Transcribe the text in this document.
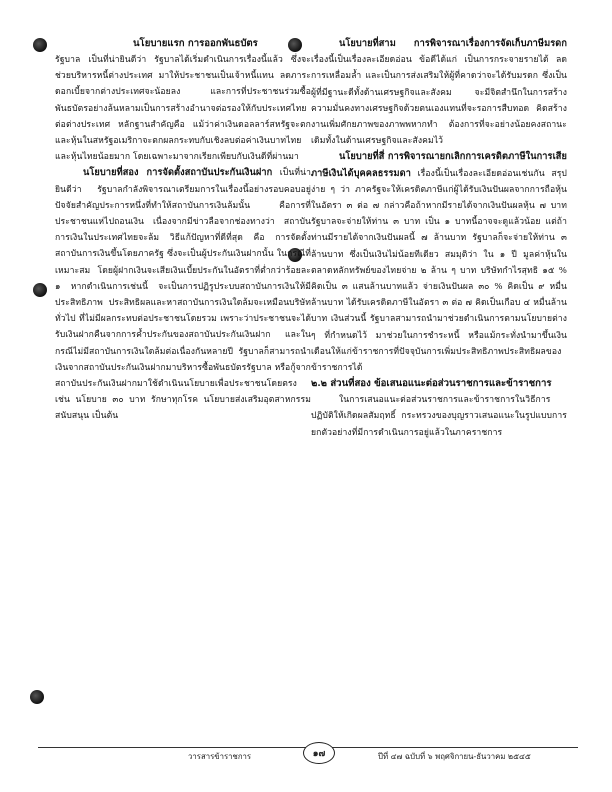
นโยบายแรก การออกพันธบัตร

รัฐบาล เป็นที่น่ายินดีว่า รัฐบาลได้เริ่มดำเนินการเรื่องนี้แล้ว ซึ่งจะช่วยบริหารหนี้ต่างประเทศ มาให้ประชาชนเป็นเจ้าหนี้แทน ลดภาระดอกเบี้ยจากต่างประเทศจะน้อยลง และการที่ประชาชนร่วมซื้อพันธบัตรอย่างล้นหลามเป็นการสร้างอำนาจต่อรองให้กับประเทศไทยต่อต่างประเทศ หลักฐานสำคัญคือ แม้ว่าค่าเงินดอลลาร์สหรัฐจะตก และหุ้นในสหรัฐอเมริกาจะตกผลกระทบกับเชิงลบต่อค่าเงินบาทไทยและหุ้นไทยน้อยมาก โดยเฉพาะมาจากเรียกเพียบกับเงินดีที่ผ่านมา

นโยบายที่สอง การจัดตั้งสถาบันประกันเงินฝาก เป็นที่น่ายินดีว่า รัฐบาลกำลังพิจารณาเตรียมการในเรื่องนี้อย่างรอบคอบอยู่ ปัจจัยสำคัญประการหนึ่งที่ทำให้สถาบันการเงินล้มนั้น คือการที่ประชาชนแห่ไปถอนเงิน เนื่องจากมีข่าวลือจากช่องทางว่า สถาบันการเงินในประเทศไทยจะล้ม วิธีแก้ปัญหาที่ดีที่สุด คือ การจัดตั้งสถาบันการเงินขึ้นโดยภาครัฐ ซึ่งจะเป็นผู้ประกันเงินฝากนั้น ในกรณีที่เหมาะสม โดยผู้ฝากเงินจะเสียเงินเบี้ยประกันในอัตราที่ต่ำกว่าร้อยละ ๑ หากดำเนินการเช่นนี้ จะเป็นการปฏิรูประบบสถาบันการเงินให้มีประสิทธิภาพ ประสิทธิผลและหาสถาบันการเงินใดล้มจะเหมือนบริษัททั่วไป ที่ไม่มีผลกระทบต่อประชาชนโดยรวม เพราะว่าประชาชนจะได้รับเงินฝากคืนจากการค้ำประกันของสถาบันประกันเงินฝาก และในกรณีไม่มีสถาบันการเงินใดล้มต่อเนื่องกันหลายปี รัฐบาลก็สามารถนำเงินจากสถาบันประกันเงินฝากมาบริหารซื้อพันธบัตรรัฐบาล หรือกู้จากสถาบันประกันเงินฝากมาใช้ดำเนินนโยบายเพื่อประชาชนโดยตรงเช่น นโยบาย ๓๐ บาท รักษาทุกโรค นโยบายส่งเสริมอุตสาหกรรม สนับสนุน เป็นต้น

นโยบายที่สาม การพิจารณาเรื่องการจัดเก็บภาษีมรดก เรื่องนี้เป็นเรื่องละเอียดอ่อน ข้อดีได้แก่ เป็นการกระจายรายได้ ลดการเหลื่อมล้ำ และเป็นการส่งเสริมให้ผู้ที่คาดว่าจะได้รับมรดก ซึ่งเป็นผู้ที่มีฐานะดีทั้งด้านเศรษฐกิจและสังคม จะมีจิตสำนึกในการสร้างความมั่นคงทางเศรษฐกิจด้วยตนเองแทนที่จะรอการสืบทอด คิดสร้างงานเพิ่มศักยภาพของภาพพหากทำ ต้องการที่จะอย่างน้อยคงสถานะเดิมทั้งในด้านเศรษฐกิจและสังคมไว้

นโยบายที่สี่ การพิจารณายกเลิกการเครดิตภาษีในการเสียภาษีเงินได้บุคคลธรรมดา เรื่องนี้เป็นเรื่องละเอียดอ่อนเช่นกัน สรุปง่าย ๆ ว่า ภาครัฐจะให้เครดิตภาษีแก่ผู้ได้รับเงินปันผลจากการถือหุ้นในอัตรา ๓ ต่อ ๗ กล่าวคือถ้าหากมีรายได้จากเงินปันผลหุ้น ๗ บาท รัฐบาลจะจ่ายให้ท่าน ๓ บาท เป็น ๑ บาทนี้อาจจะดูแล้วน้อย แต่ถ้าท่านมีรายได้จากเงินปันผลนี้ ๗ ล้านบาท รัฐบาลก็จะจ่ายให้ท่าน ๓ ล้านบาท ซึ่งเป็นเงินไม่น้อยทีเดียว สมมุติว่า ใน ๑ ปี มูลค่าหุ้นในตลาดหลักทรัพย์ของไทยจ่าย ๒ ล้าน ๆ บาท บริษัทกำไรสุทธิ ๑๕ % คิดเป็น ๓ แสนล้านบาทแล้ว จ่ายเงินปันผล ๓๐ % คิดเป็น ๙ หมื่นล้านบาท ได้รับเครดิตภาษีในอัตรา ๓ ต่อ ๗ คิดเป็นเกือบ ๔ หมื่นล้านบาท เงินส่วนนี้ รัฐบาลสามารถนำมาช่วยดำเนินการตามนโยบายต่าง ๆ ที่กำหนดไว้ มาช่วยในการชำระหนี้ หรือแม้กระทั่งนำมาขึ้นเงินเดือนให้แก่ข้าราชการที่ปัจจุบันการเพิ่มประสิทธิภาพประสิทธิผลของข้าราชการได้

๒.๒ ส่วนที่สอง ข้อเสนอแนะต่อส่วนราชการและข้าราชการ

ในการเสนอแนะต่อส่วนราชการและข้าราชการในวิธีการปฏิบัติให้เกิดผลสัมฤทธิ์ กระทรวงของบุญราวเสนอแนะในรูปแบบการยกตัวอย่างที่มีการดำเนินการอยู่แล้วในภาคราชการ

วารสารข้าราชการ	๑๗	ปีที่ ๔๗ ฉบับที่ ๖ พฤศจิกายน-ธันวาคม ๒๕๔๕
